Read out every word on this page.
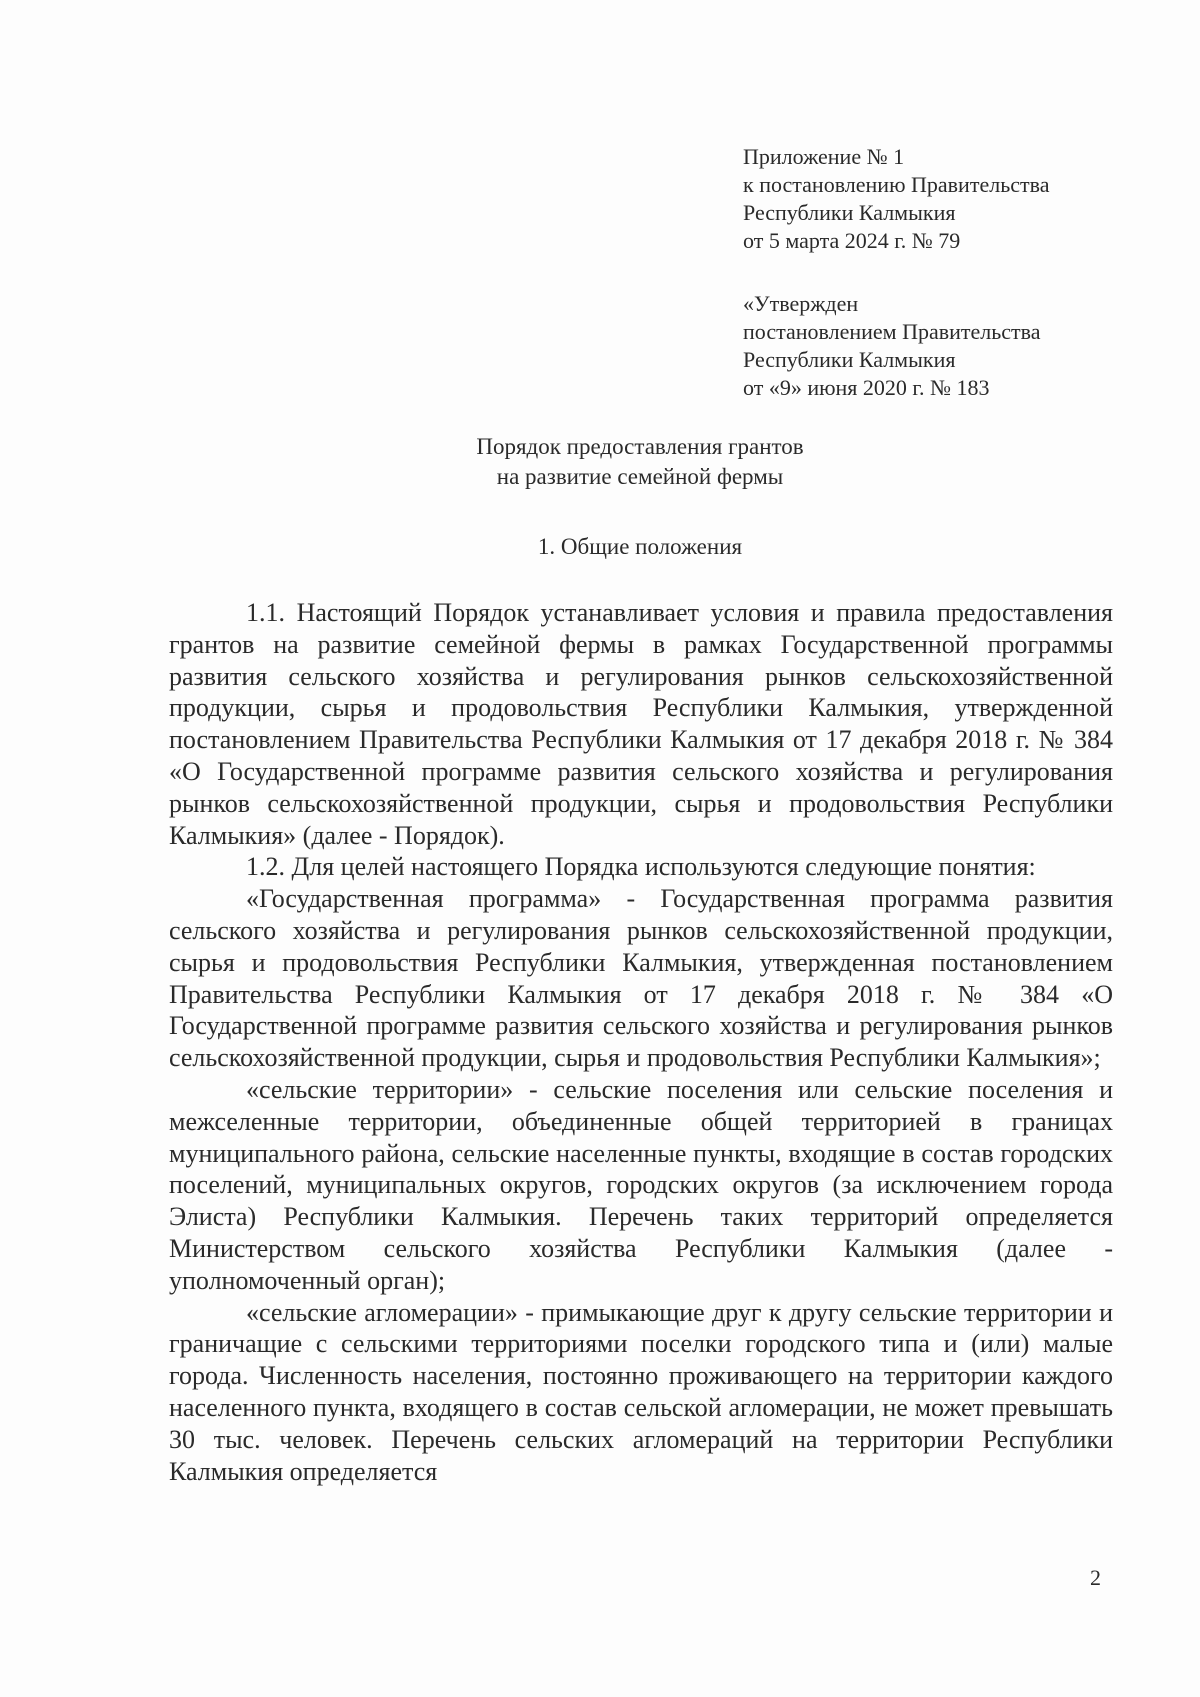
Приложение № 1
к постановлению Правительства
Республики Калмыкия
от 5 марта 2024 г. № 79
«Утвержден
постановлением Правительства
Республики Калмыкия
от «9» июня 2020 г. № 183
Порядок предоставления грантов
на развитие семейной фермы
1. Общие положения

1.1. Настоящий Порядок устанавливает условия и правила предоставления грантов на развитие семейной фермы в рамках Государственной программы развития сельского хозяйства и регулирования рынков сельскохозяйственной продукции, сырья и продовольствия Республики Калмыкия, утвержденной постановлением Правительства Республики Калмыкия от 17 декабря 2018 г. № 384 «О Государственной программе развития сельского хозяйства и регулирования рынков сельскохозяйственной продукции, сырья и продовольствия Республики Калмыкия» (далее - Порядок).

1.2. Для целей настоящего Порядка используются следующие понятия:

«Государственная программа» - Государственная программа развития сельского хозяйства и регулирования рынков сельскохозяйственной продукции, сырья и продовольствия Республики Калмыкия, утвержденная постановлением Правительства Республики Калмыкия от 17 декабря 2018 г. № 384 «О Государственной программе развития сельского хозяйства и регулирования рынков сельскохозяйственной продукции, сырья и продовольствия Республики Калмыкия»;

«сельские территории» - сельские поселения или сельские поселения и межселенные территории, объединенные общей территорией в границах муниципального района, сельские населенные пункты, входящие в состав городских поселений, муниципальных округов, городских округов (за исключением города Элиста) Республики Калмыкия. Перечень таких территорий определяется Министерством сельского хозяйства Республики Калмыкия (далее - уполномоченный орган);

«сельские агломерации» - примыкающие друг к другу сельские территории и граничащие с сельскими территориями поселки городского типа и (или) малые города. Численность населения, постоянно проживающего на территории каждого населенного пункта, входящего в состав сельской агломерации, не может превышать 30 тыс. человек. Перечень сельских агломераций на территории Республики Калмыкия определяется

2
